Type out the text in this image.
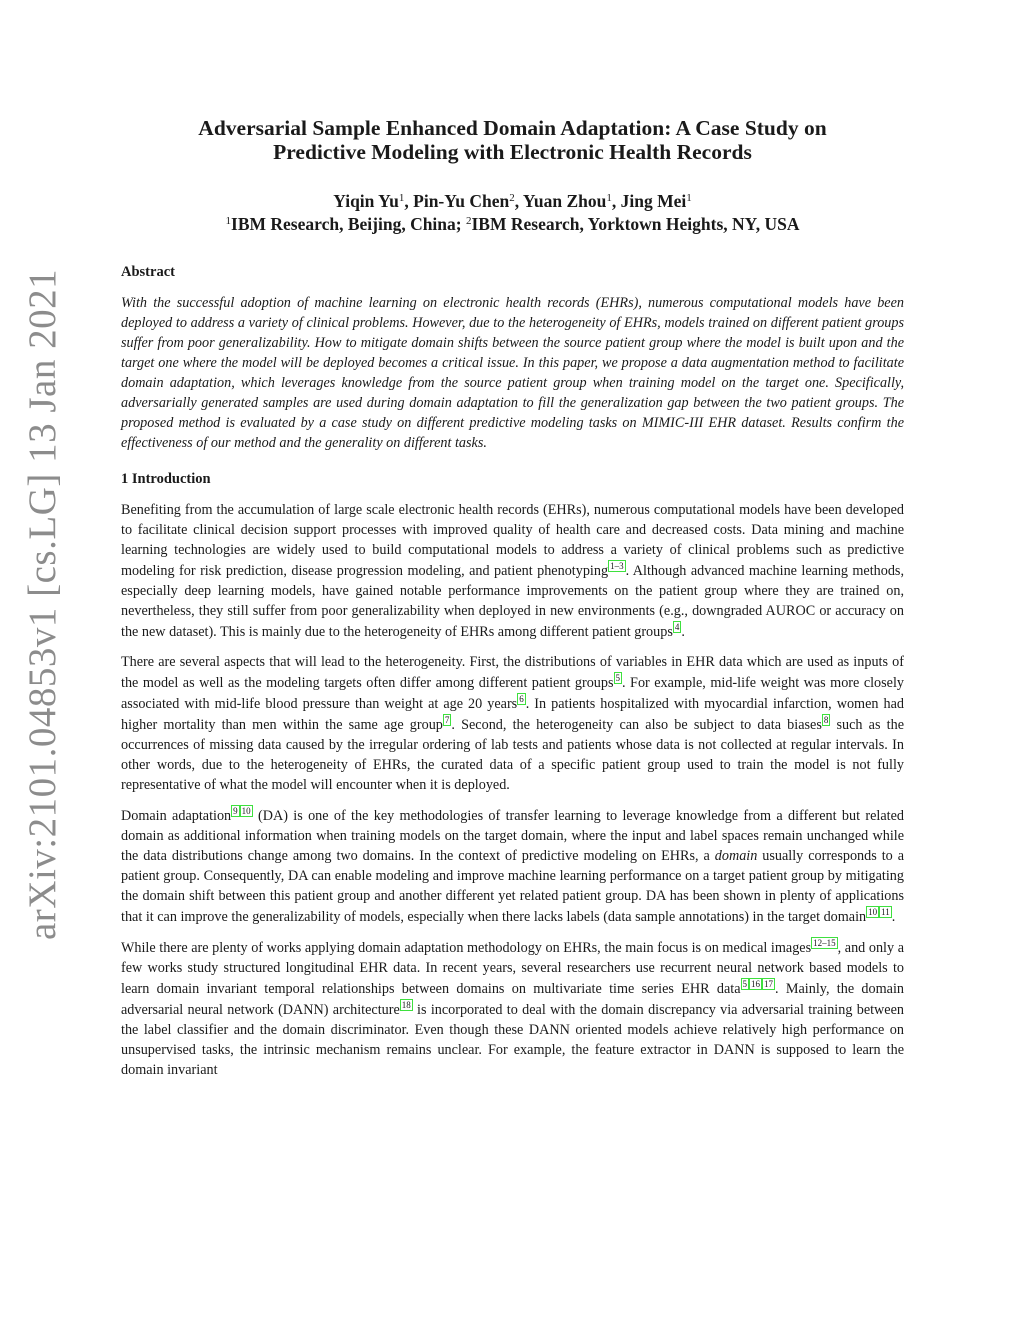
arXiv:2101.04853v1 [cs.LG] 13 Jan 2021
Adversarial Sample Enhanced Domain Adaptation: A Case Study on
Predictive Modeling with Electronic Health Records
Yiqin Yu$^1$, Pin-Yu Chen$^2$, Yuan Zhou$^1$, Jing Mei$^1$
$^1$IBM Research, Beijing, China; $^2$IBM Research, Yorktown Heights, NY, USA
Abstract

With the successful adoption of machine learning on electronic health records (EHRs), numerous computational models have been deployed to address a variety of clinical problems. However, due to the heterogeneity of EHRs, models trained on different patient groups suffer from poor generalizability. How to mitigate domain shifts between the source patient group where the model is built upon and the target one where the model will be deployed becomes a critical issue. In this paper, we propose a data augmentation method to facilitate domain adaptation, which leverages knowledge from the source patient group when training model on the target one. Specifically, adversarially generated samples are used during domain adaptation to fill the generalization gap between the two patient groups. The proposed method is evaluated by a case study on different predictive modeling tasks on MIMIC-III EHR dataset. Results confirm the effectiveness of our method and the generality on different tasks.

1 Introduction

Benefiting from the accumulation of large scale electronic health records (EHRs), numerous computational models have been developed to facilitate clinical decision support processes with improved quality of health care and decreased costs. Data mining and machine learning technologies are widely used to build computational models to address a variety of clinical problems such as predictive modeling for risk prediction, disease progression modeling, and patient phenotyping 1–3 . Although advanced machine learning methods, especially deep learning models, have gained notable performance improvements on the patient group where they are trained on, nevertheless, they still suffer from poor generalizability when deployed in new environments (e.g., downgraded AUROC or accuracy on the new dataset). This is mainly due to the heterogeneity of EHRs among different patient groups 4 .

There are several aspects that will lead to the heterogeneity. First, the distributions of variables in EHR data which are used as inputs of the model as well as the modeling targets often differ among different patient groups 5 . For example, mid-life weight was more closely associated with mid-life blood pressure than weight at age 20 years 6 . In patients hospitalized with myocardial infarction, women had higher mortality than men within the same age group 7 . Second, the heterogeneity can also be subject to data biases 8 such as the occurrences of missing data caused by the irregular ordering of lab tests and patients whose data is not collected at regular intervals. In other words, due to the heterogeneity of EHRs, the curated data of a specific patient group used to train the model is not fully representative of what the model will encounter when it is deployed.

Domain adaptation 9 10 (DA) is one of the key methodologies of transfer learning to leverage knowledge from a different but related domain as additional information when training models on the target domain, where the input and label spaces remain unchanged while the data distributions change among two domains. In the context of predictive modeling on EHRs, a domain usually corresponds to a patient group. Consequently, DA can enable modeling and improve machine learning performance on a target patient group by mitigating the domain shift between this patient group and another different yet related patient group. DA has been shown in plenty of applications that it can improve the generalizability of models, especially when there lacks labels (data sample annotations) in the target domain 10 11 .

While there are plenty of works applying domain adaptation methodology on EHRs, the main focus is on medical images 12–15 , and only a few works study structured longitudinal EHR data. In recent years, several researchers use recurrent neural network based models to learn domain invariant temporal relationships between domains on multivariate time series EHR data 5 16 17 . Mainly, the domain adversarial neural network (DANN) architecture 18 is incorporated to deal with the domain discrepancy via adversarial training between the label classifier and the domain discriminator. Even though these DANN oriented models achieve relatively high performance on unsupervised tasks, the intrinsic mechanism remains unclear. For example, the feature extractor in DANN is supposed to learn the domain invariant
